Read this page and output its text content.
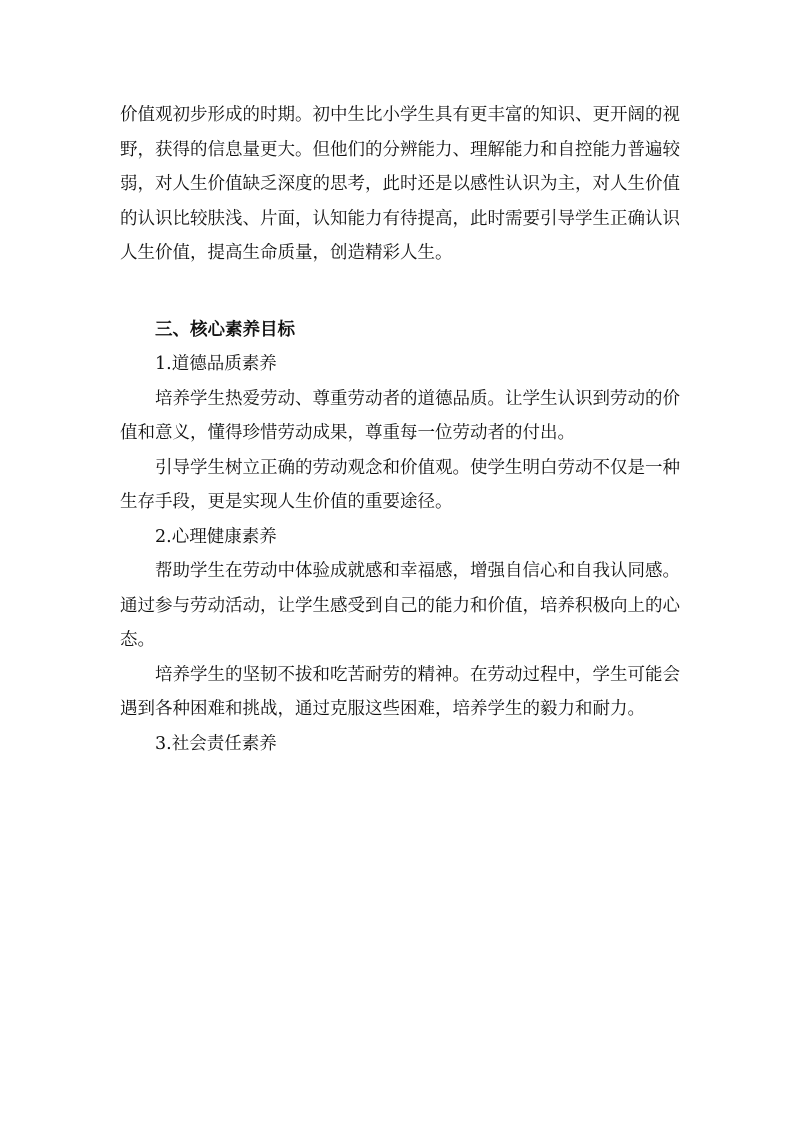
价值观初步形成的时期。初中生比小学生具有更丰富的知识、更开阔的视野，获得的信息量更大。但他们的分辨能力、理解能力和自控能力普遍较弱，对人生价值缺乏深度的思考，此时还是以感性认识为主，对人生价值的认识比较肤浅、片面，认知能力有待提高，此时需要引导学生正确认识人生价值，提高生命质量，创造精彩人生。

三、核心素养目标

1.道德品质素养

培养学生热爱劳动、尊重劳动者的道德品质。让学生认识到劳动的价值和意义，懂得珍惜劳动成果，尊重每一位劳动者的付出。

引导学生树立正确的劳动观念和价值观。使学生明白劳动不仅是一种生存手段，更是实现人生价值的重要途径。

2.心理健康素养

帮助学生在劳动中体验成就感和幸福感，增强自信心和自我认同感。通过参与劳动活动，让学生感受到自己的能力和价值，培养积极向上的心态。

培养学生的坚韧不拔和吃苦耐劳的精神。在劳动过程中，学生可能会遇到各种困难和挑战，通过克服这些困难，培养学生的毅力和耐力。

3.社会责任素养
